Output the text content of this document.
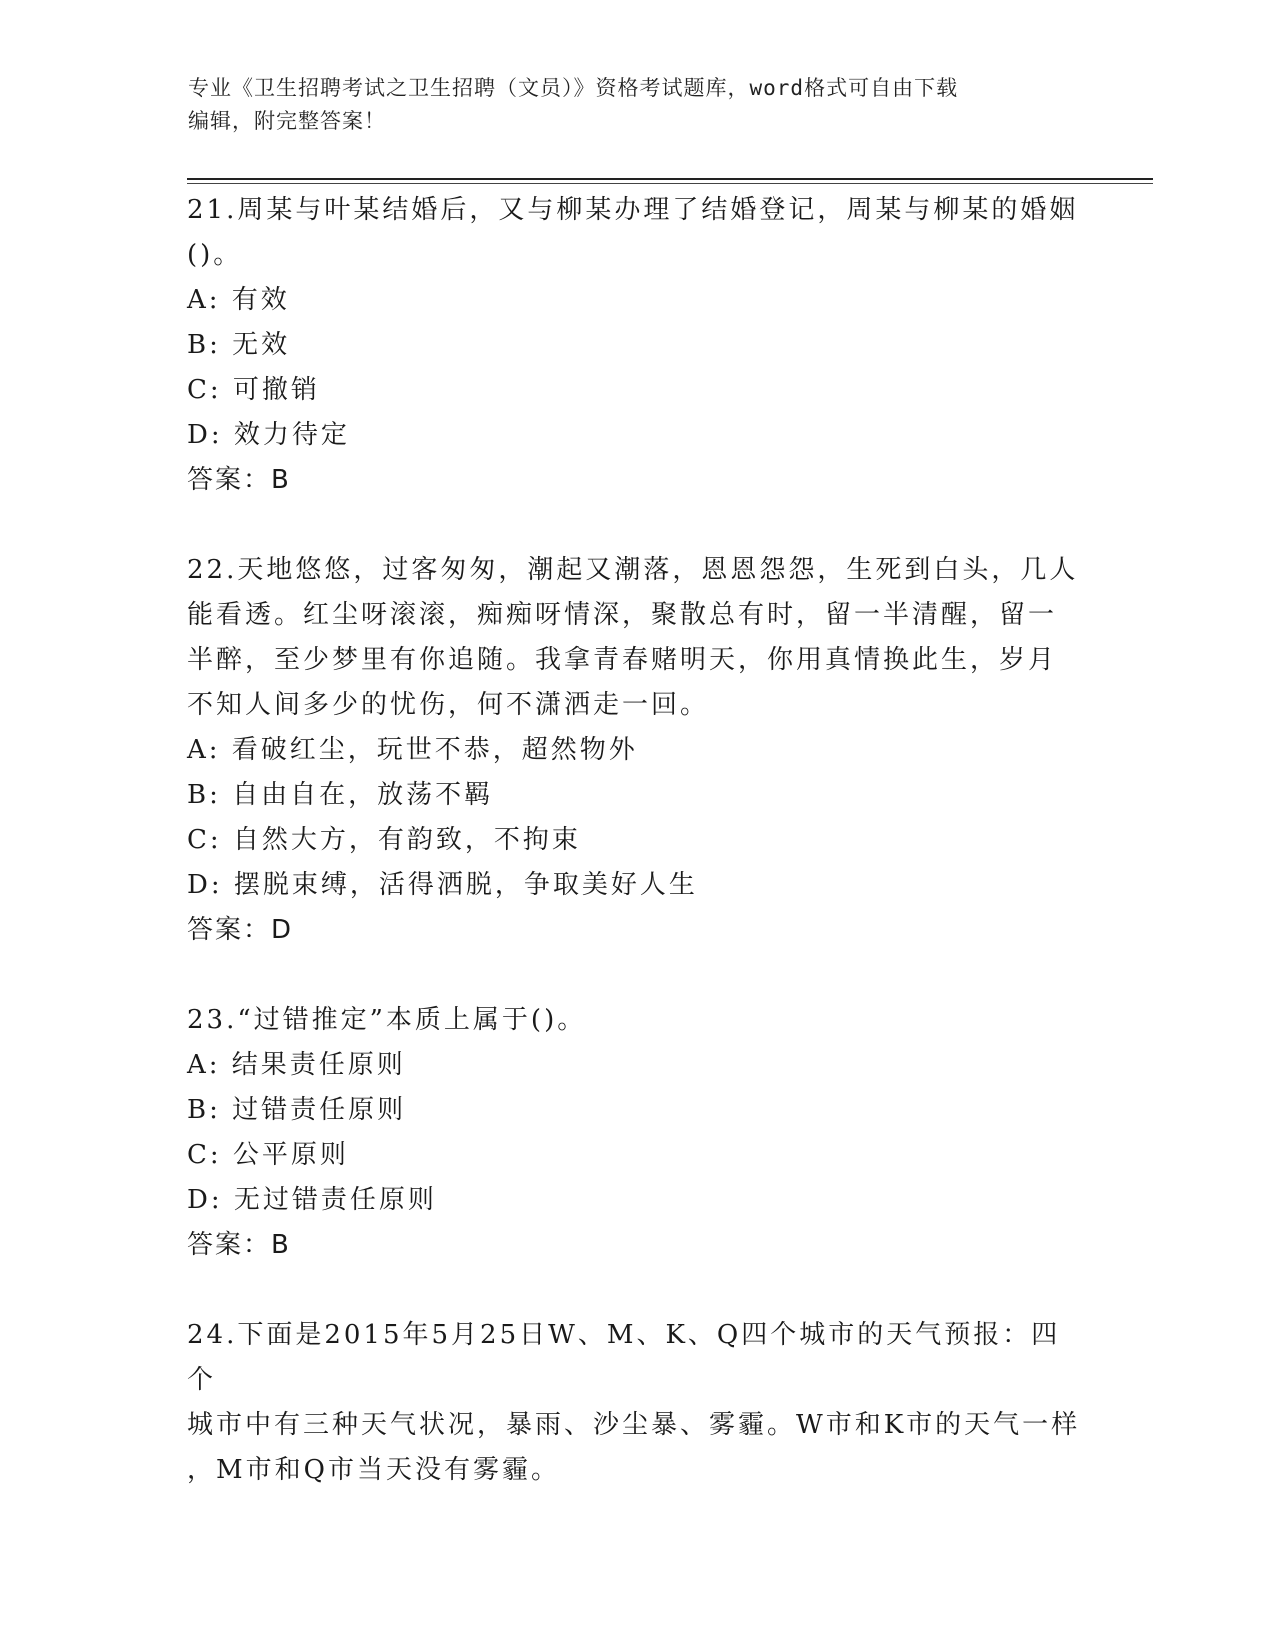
专业《卫生招聘考试之卫生招聘（文员）》资格考试题库，word格式可自由下载
编辑，附完整答案！

21.周某与叶某结婚后，又与柳某办理了结婚登记，周某与柳某的婚姻

()。

A: 有效

B: 无效

C: 可撤销

D: 效力待定

答案：B

22.天地悠悠，过客匆匆，潮起又潮落，恩恩怨怨，生死到白头，几人

能看透。红尘呀滚滚，痴痴呀情深，聚散总有时，留一半清醒，留一

半醉，至少梦里有你追随。我拿青春赌明天，你用真情换此生，岁月

不知人间多少的忧伤，何不潇洒走一回。

A: 看破红尘，玩世不恭，超然物外

B: 自由自在，放荡不羁

C: 自然大方，有韵致，不拘束

D: 摆脱束缚，活得洒脱，争取美好人生

答案：D

23.“过错推定”本质上属于()。

A: 结果责任原则

B: 过错责任原则

C: 公平原则

D: 无过错责任原则

答案：B

24.下面是2015年5月25日W、M、K、Q四个城市的天气预报：四个

城市中有三种天气状况，暴雨、沙尘暴、雾霾。W市和K市的天气一样

，M市和Q市当天没有雾霾。
